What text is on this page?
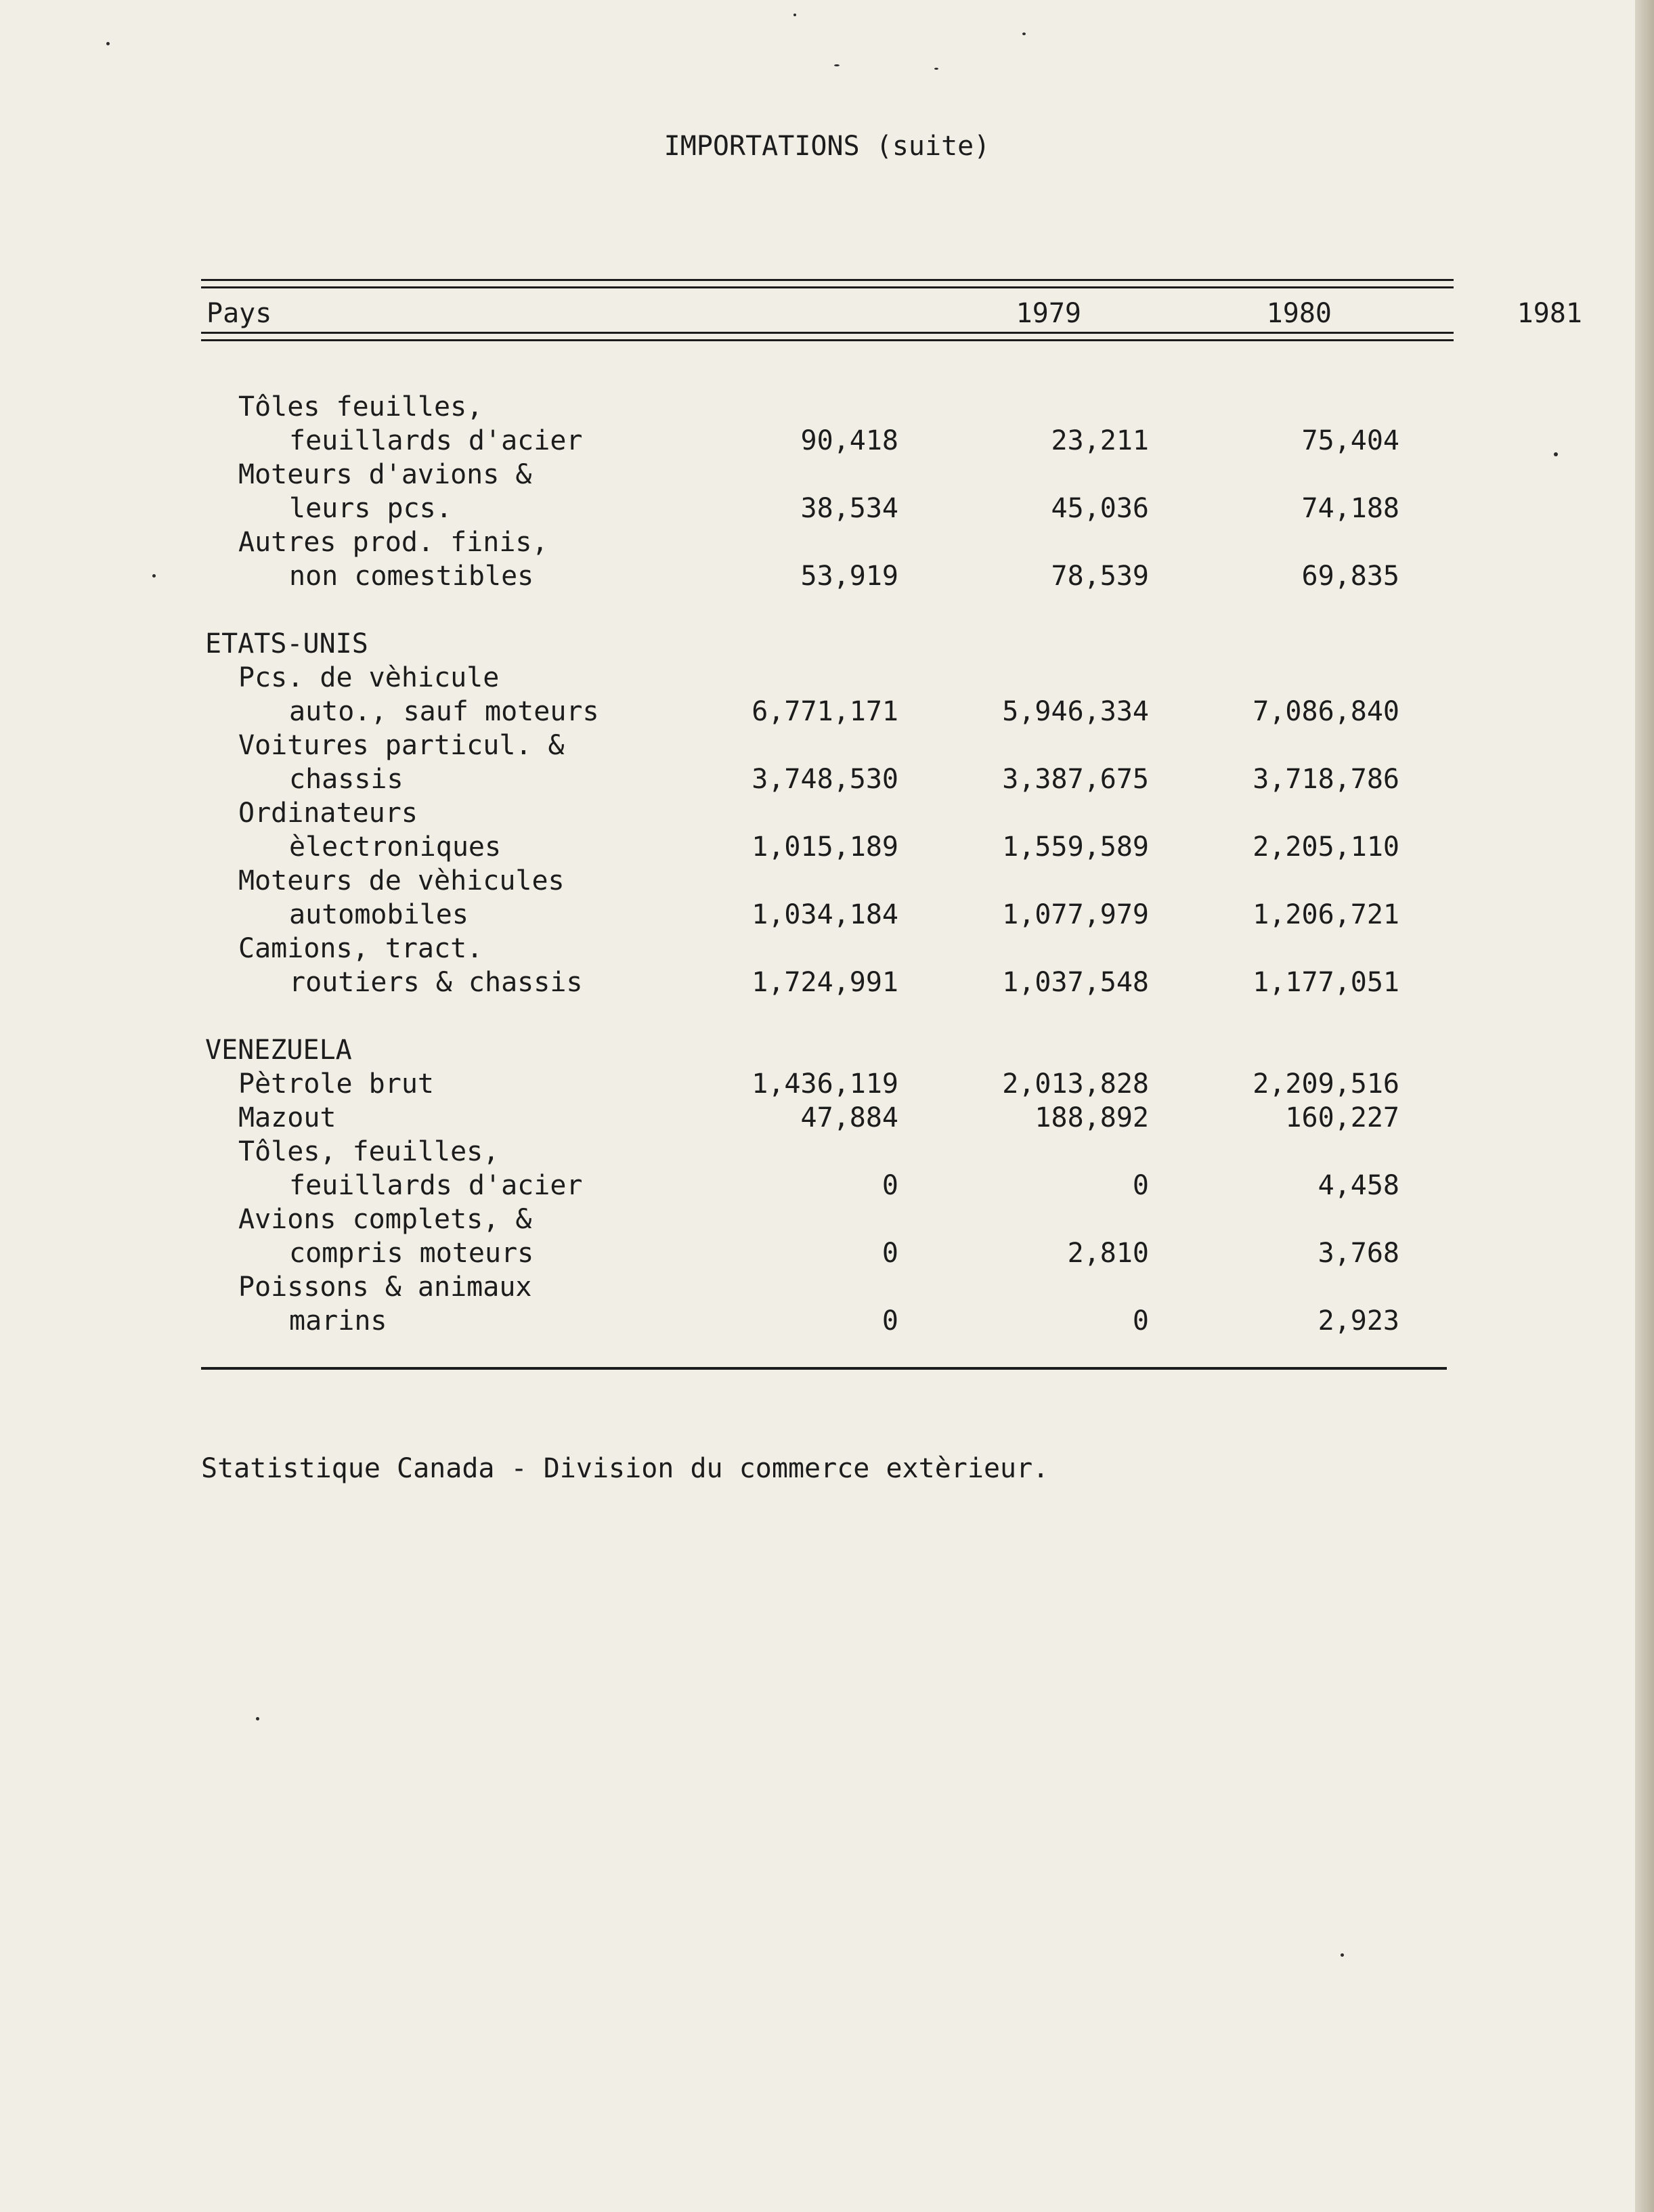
IMPORTATIONS (suite)
Pays	1979	1980	1981
Tôles feuilles,
feuillards d'acier	90,418	23,211	75,404
Moteurs d'avions &
leurs pcs.	38,534	45,036	74,188
Autres prod. finis,
non comestibles	53,919	78,539	69,835
ETATS-UNIS
Pcs. de vèhicule
auto., sauf moteurs	6,771,171	5,946,334	7,086,840
Voitures particul. &
chassis	3,748,530	3,387,675	3,718,786
Ordinateurs
èlectroniques	1,015,189	1,559,589	2,205,110
Moteurs de vèhicules
automobiles	1,034,184	1,077,979	1,206,721
Camions, tract.
routiers & chassis	1,724,991	1,037,548	1,177,051
VENEZUELA
Pètrole brut	1,436,119	2,013,828	2,209,516
Mazout	47,884	188,892	160,227
Tôles, feuilles,
feuillards d'acier	0	0	4,458
Avions complets, &
compris moteurs	0	2,810	3,768
Poissons & animaux
marins	0	0	2,923
Statistique Canada - Division du commerce extèrieur.
